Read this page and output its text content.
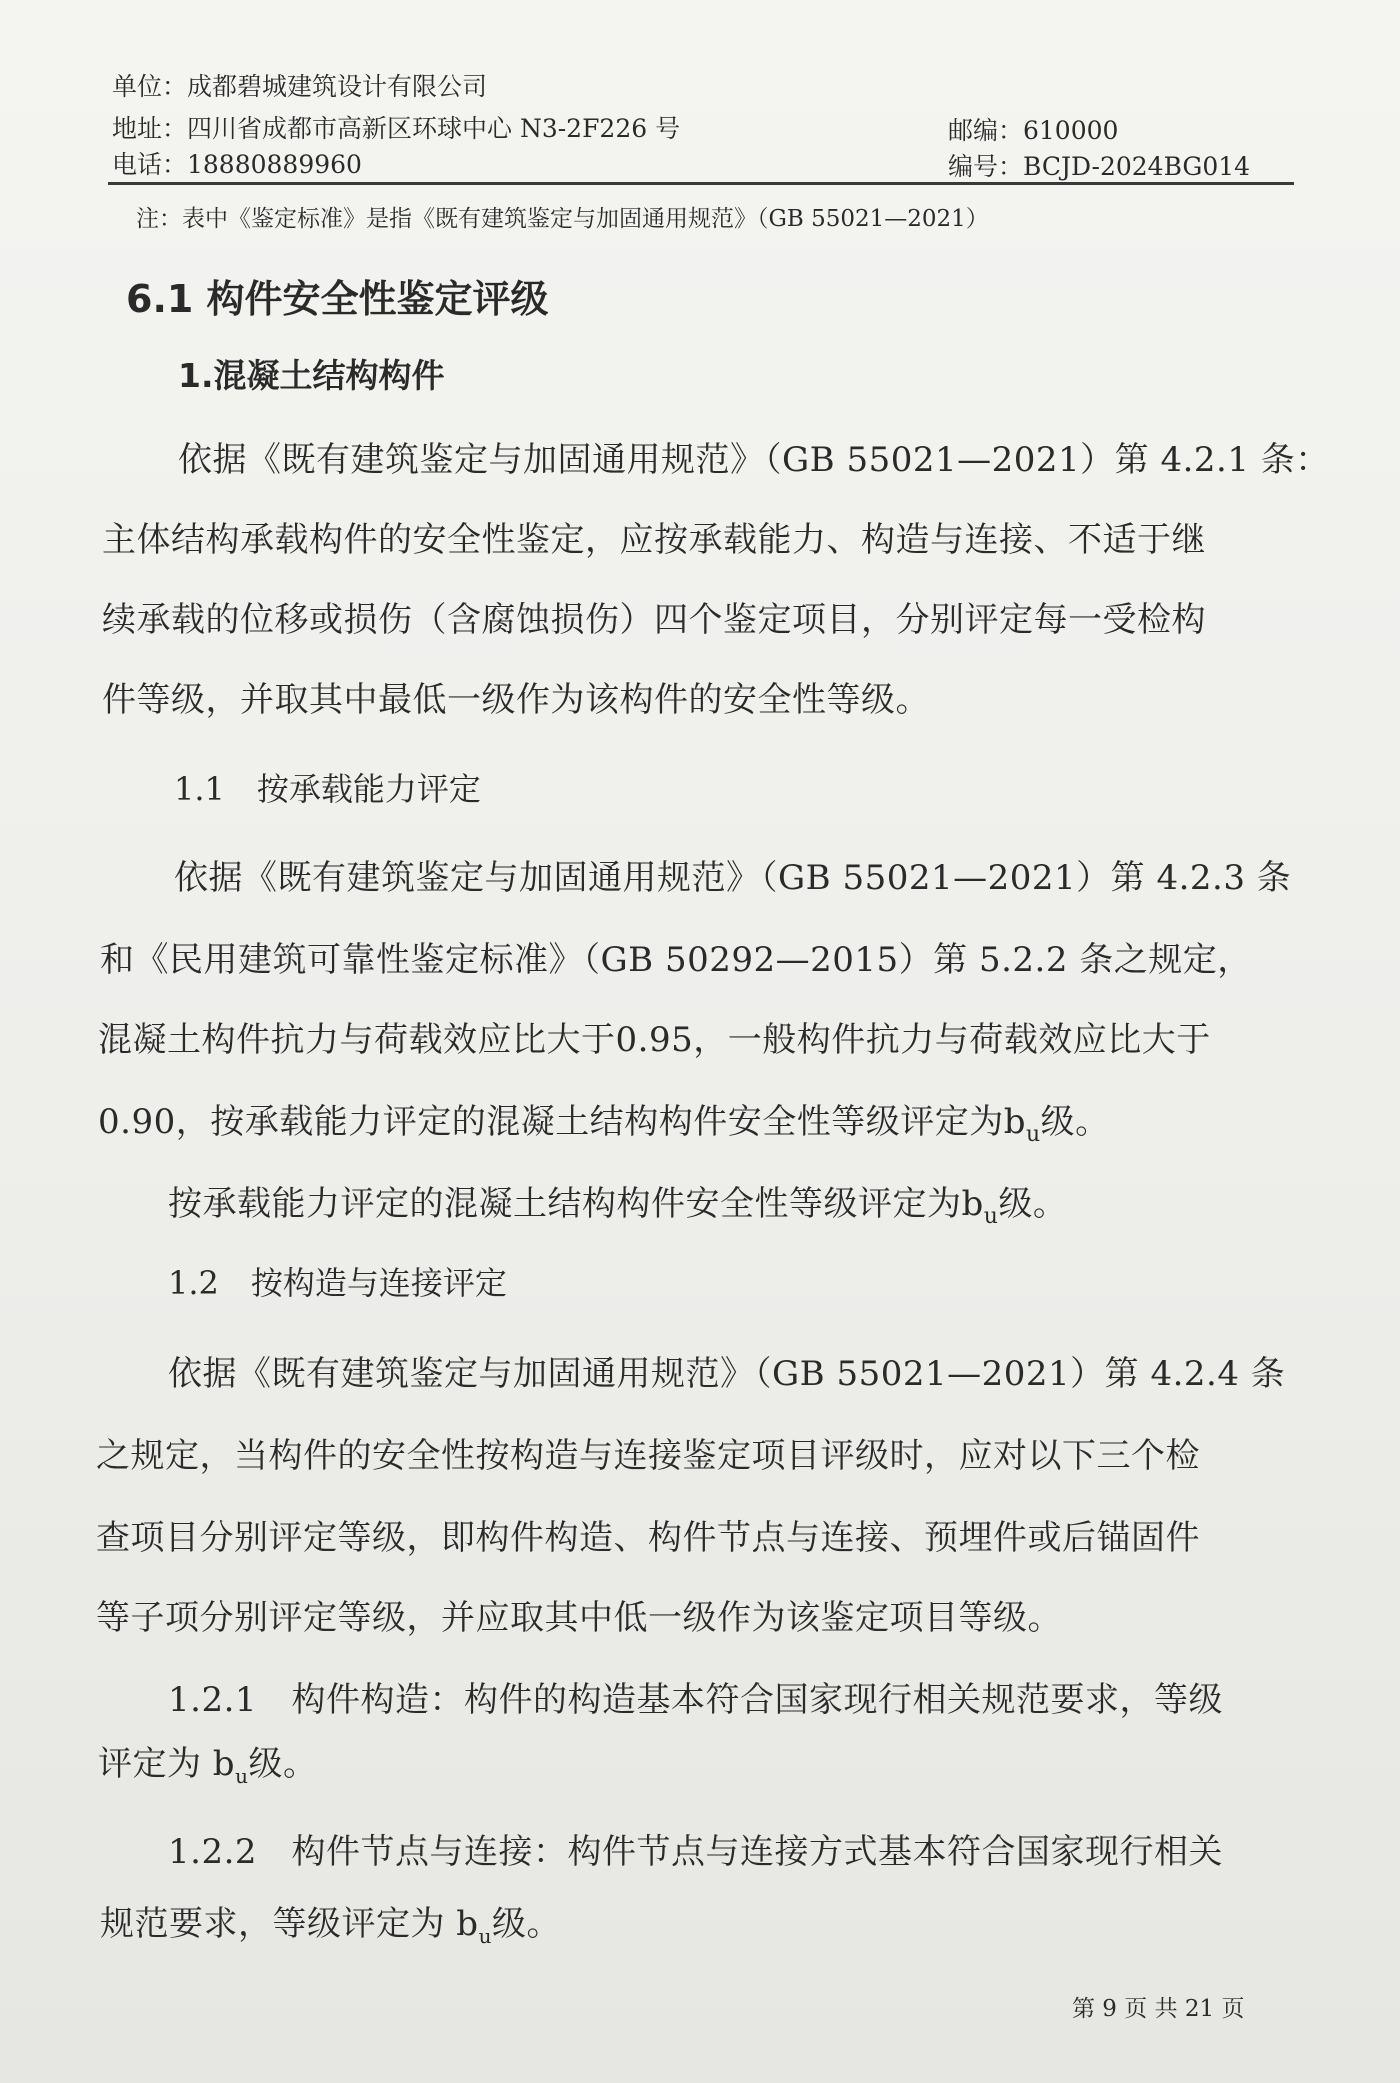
单位：成都碧城建筑设计有限公司
地址：四川省成都市高新区环球中心 N3-2F226 号
电话：18880889960
邮编：610000
编号：BCJD-2024BG014
注：表中《鉴定标准》是指《既有建筑鉴定与加固通用规范》（GB 55021—2021）
6.1 构件安全性鉴定评级
1.混凝土结构构件
依据《既有建筑鉴定与加固通用规范》（GB 55021—2021）第 4.2.1 条：
主体结构承载构件的安全性鉴定，应按承载能力、构造与连接、不适于继
续承载的位移或损伤（含腐蚀损伤）四个鉴定项目，分别评定每一受检构
件等级，并取其中最低一级作为该构件的安全性等级。
1.1　按承载能力评定
依据《既有建筑鉴定与加固通用规范》（GB 55021—2021）第 4.2.3 条
和《民用建筑可靠性鉴定标准》（GB 50292—2015）第 5.2.2 条之规定，
混凝土构件抗力与荷载效应比大于0.95，一般构件抗力与荷载效应比大于
0.90，按承载能力评定的混凝土结构构件安全性等级评定为$b_u$级。
按承载能力评定的混凝土结构构件安全性等级评定为$b_u$级。
1.2　按构造与连接评定
依据《既有建筑鉴定与加固通用规范》（GB 55021—2021）第 4.2.4 条
之规定，当构件的安全性按构造与连接鉴定项目评级时，应对以下三个检
查项目分别评定等级，即构件构造、构件节点与连接、预埋件或后锚固件
等子项分别评定等级，并应取其中低一级作为该鉴定项目等级。
1.2.1　构件构造：构件的构造基本符合国家现行相关规范要求，等级
评定为 $b_u$级。
1.2.2　构件节点与连接：构件节点与连接方式基本符合国家现行相关
规范要求，等级评定为 $b_u$级。
第 9 页 共 21 页
